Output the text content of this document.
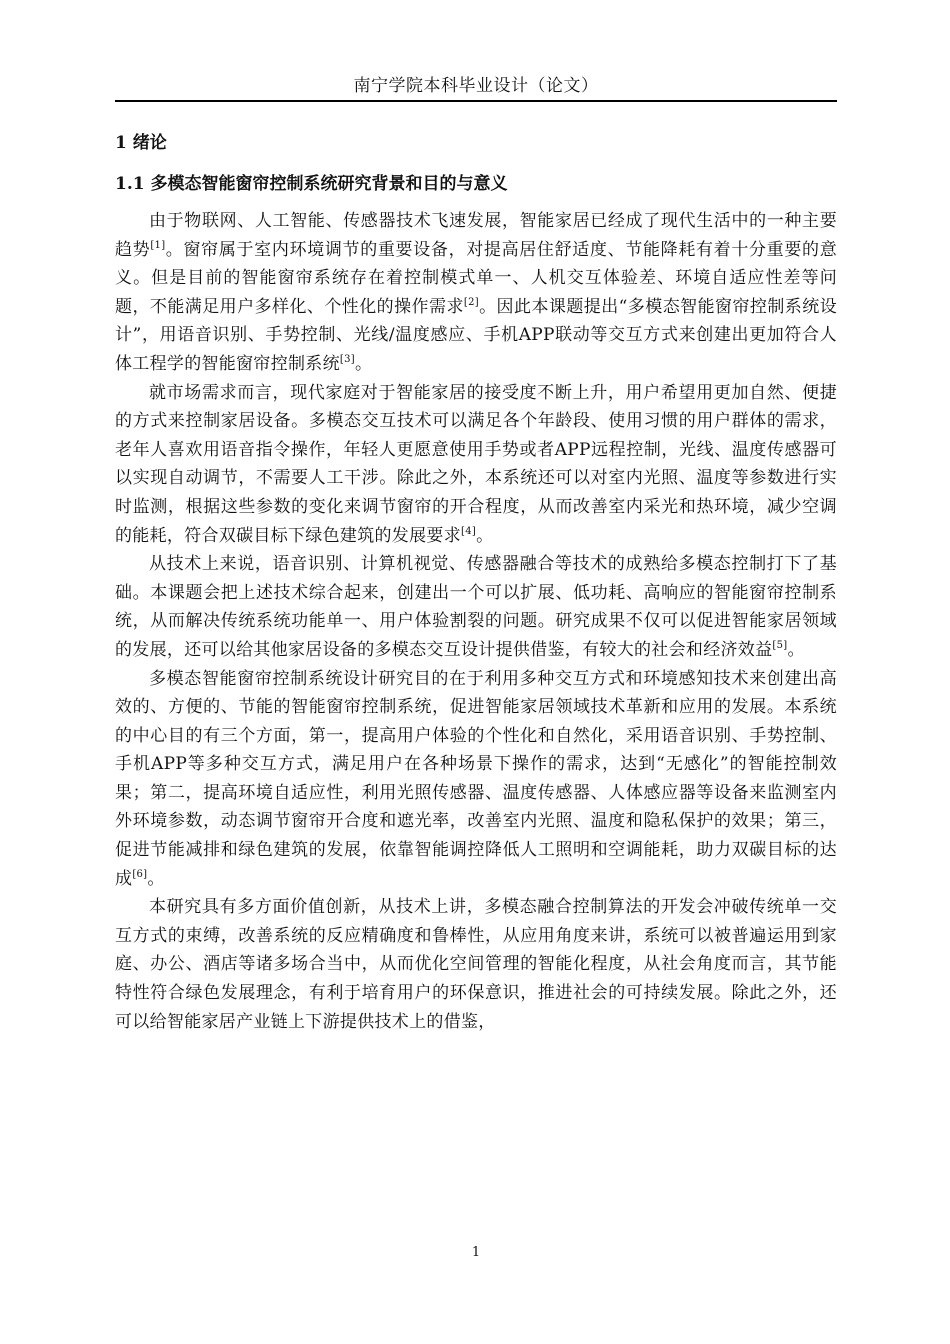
南宁学院本科毕业设计（论文）
1 绪论
1.1 多模态智能窗帘控制系统研究背景和目的与意义

由于物联网、人工智能、传感器技术飞速发展，智能家居已经成了现代生活中的一种主要趋势[1]。窗帘属于室内环境调节的重要设备，对提高居住舒适度、节能降耗有着十分重要的意义。但是目前的智能窗帘系统存在着控制模式单一、人机交互体验差、环境自适应性差等问题，不能满足用户多样化、个性化的操作需求[2]。因此本课题提出“多模态智能窗帘控制系统设计”，用语音识别、手势控制、光线/温度感应、手机APP联动等交互方式来创建出更加符合人体工程学的智能窗帘控制系统[3]。

就市场需求而言，现代家庭对于智能家居的接受度不断上升，用户希望用更加自然、便捷的方式来控制家居设备。多模态交互技术可以满足各个年龄段、使用习惯的用户群体的需求，老年人喜欢用语音指令操作，年轻人更愿意使用手势或者APP远程控制，光线、温度传感器可以实现自动调节，不需要人工干涉。除此之外，本系统还可以对室内光照、温度等参数进行实时监测，根据这些参数的变化来调节窗帘的开合程度，从而改善室内采光和热环境，减少空调的能耗，符合双碳目标下绿色建筑的发展要求[4]。

从技术上来说，语音识别、计算机视觉、传感器融合等技术的成熟给多模态控制打下了基础。本课题会把上述技术综合起来，创建出一个可以扩展、低功耗、高响应的智能窗帘控制系统，从而解决传统系统功能单一、用户体验割裂的问题。研究成果不仅可以促进智能家居领域的发展，还可以给其他家居设备的多模态交互设计提供借鉴，有较大的社会和经济效益[5]。

多模态智能窗帘控制系统设计研究目的在于利用多种交互方式和环境感知技术来创建出高效的、方便的、节能的智能窗帘控制系统，促进智能家居领域技术革新和应用的发展。本系统的中心目的有三个方面，第一，提高用户体验的个性化和自然化，采用语音识别、手势控制、手机APP等多种交互方式，满足用户在各种场景下操作的需求，达到“无感化”的智能控制效果；第二，提高环境自适应性，利用光照传感器、温度传感器、人体感应器等设备来监测室内外环境参数，动态调节窗帘开合度和遮光率，改善室内光照、温度和隐私保护的效果；第三，促进节能减排和绿色建筑的发展，依靠智能调控降低人工照明和空调能耗，助力双碳目标的达成[6]。

本研究具有多方面价值创新，从技术上讲，多模态融合控制算法的开发会冲破传统单一交互方式的束缚，改善系统的反应精确度和鲁棒性，从应用角度来讲，系统可以被普遍运用到家庭、办公、酒店等诸多场合当中，从而优化空间管理的智能化程度，从社会角度而言，其节能特性符合绿色发展理念，有利于培育用户的环保意识，推进社会的可持续发展。除此之外，还可以给智能家居产业链上下游提供技术上的借鉴，

1
